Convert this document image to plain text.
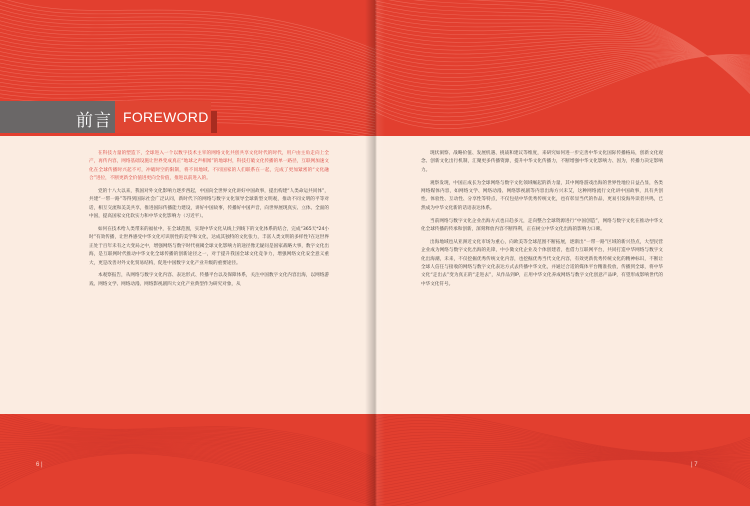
前言 FOREWORD

在科技力量的塑造下，全球进入一个以数字技术主宰的网络文化共创共享文化时代的时代，用户由主角走向上全产，再传内容，网络基础设施让世界变成真正“地球之声相闻”的地球村，科技打破文化传播的单一路径，互联网加速文化在全球传播时兴起不可，冲破时空的限制，将不同地域、不同国家的人们联系在一起，完成了更加紧密的“文化融合”进位，不断更新全价值进更向全价值，推进以前进入的。

党的十八大以来，我国对外文化影响力逐步西起，中国向全世界文化讲好中国故事，提出构建“人类命运共同体”，共建“一带一路”等得到国际社会广泛认同，新时代下的网络与数字文化领导全球新型文明观，推动不同文明的平等对话，相互交流和美美共享，推进国际传播能力建设，讲好中国故事，传播好中国声音，向世界展现真实、立体、全面的中国，提高国家文化软实力和中华文化影响力（习近平）。

如何在技术给人类带来的福祉中，在全球范围，实现中华文化从线上到线下的文化体系的结合，完成“365天*24小时”有效传播，让世界感受中华文化可识别性的美学和文化，达成其独特的文化张力，丰富人类文明的多样性?在这世界正处于百年未有之大变局之中，增强网络与数字时代视阈全球文化影响力的途径像无疑问是国家战略大事，数字文化出海，是互联网时代推动中华文化全球传播的创新途径之一，对于提升我国全球文化竞争力，增强网络文化安全意义重大，更是改善对外文化贸易结构，促进中国数字文化产业升级的重要途径。

本观察报告，从网络与数字文化内容、表达形式、传播平台以及保障体系，关注中国数字文化内容出海，以网络游戏、网络文学、网络动漫、网络影视剧四大文化产业典型作为研究对象，从

6 |

现状洞察、战略价值、发展机遇、挑战和建议等维度，来研究如何进一步完善中华文化国际传播格局，创新文化观念、创新文化出行机制，汇聚更多传播资源，提升中华文化传播力，不断增强中华文化影响力、因为，传播力决定影响力。

观察发现，中国正成长为全球网络与数字文化领域崛起的新力量，其中网络游戏出海的世界性地位日益凸显，各类网络媒体内容，如网络文学、网络动漫、网络影视剧等内容出海方兴未艾，这种网络流行文化讲中国故事，具有共创性、体验性、互动性、分享性等特点，不仅包括中华优秀传统文化，也有彰显当代的作品，更易引发海外读者共鸣，已然成为中华文化新的话语表达体系。

当前网络与数字文化企业出海方式也日趋多元，走向整合全球资源进行“中国创造”，网络与数字文化在推动中华文化全球传播的传承和创新，深刻释放内容不断得利，正在树立中华文化出海的影响力口碑。

出海地域也从亚洲近文化市场为重心，向欧美等全球范围不断拓展，逐渐出“一带一路”区域的新兴热点，大型民营企业成为网络与数字文化出海的先锋，中小微文化企业及个体创建者，也借力互联网平台，共同打造中华网络与数字文化出海潮，未来，不仅挖掘优秀传统文化内容，也挖掘优秀当代文化内容，有效更新优秀传统文化的精神标识，不断让全球人信任与接收的网络与数字文化表达方式去传播中华文化，并通过合适的媒体平台精准投放，传播到全球，将中华文化“走出去”变为真正的“走进去”，从作品到IP，正用中华文化养成网络与数字文化创意产品IP，有望形成影响世代的中华文化符号。

| 7
